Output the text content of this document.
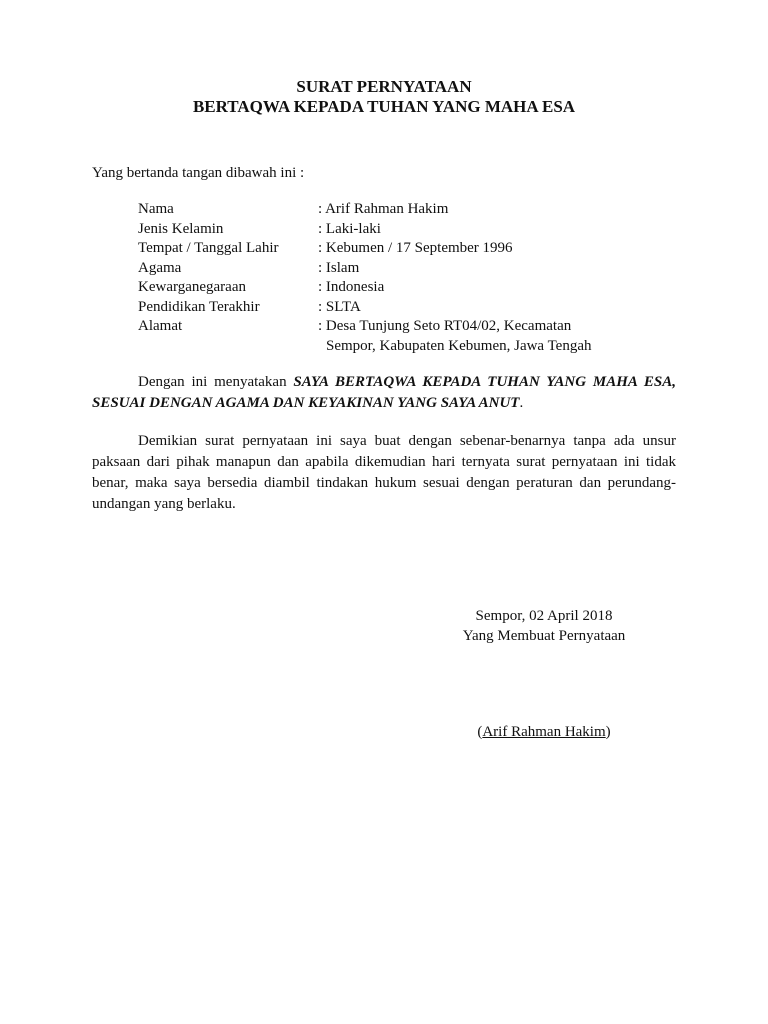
SURAT PERNYATAAN
BERTAQWA KEPADA TUHAN YANG MAHA ESA
Yang bertanda tangan dibawah ini :
Nama	: Arif Rahman Hakim
Jenis Kelamin	: Laki-laki
Tempat / Tanggal Lahir	: Kebumen / 17 September 1996
Agama	: Islam
Kewarganegaraan	: Indonesia
Pendidikan Terakhir	: SLTA
Alamat	: Desa Tunjung Seto RT04/02, Kecamatan
Sempor, Kabupaten Kebumen, Jawa Tengah
Dengan ini menyatakan SAYA BERTAQWA KEPADA TUHAN YANG MAHA ESA, SESUAI DENGAN AGAMA DAN KEYAKINAN YANG SAYA ANUT.
Demikian surat pernyataan ini saya buat dengan sebenar-benarnya tanpa ada unsur paksaan dari pihak manapun dan apabila dikemudian hari ternyata surat pernyataan ini tidak benar, maka saya bersedia diambil tindakan hukum sesuai dengan peraturan dan perundang-undangan yang berlaku.
Sempor, 02 April 2018
Yang Membuat Pernyataan
(Arif Rahman Hakim)
